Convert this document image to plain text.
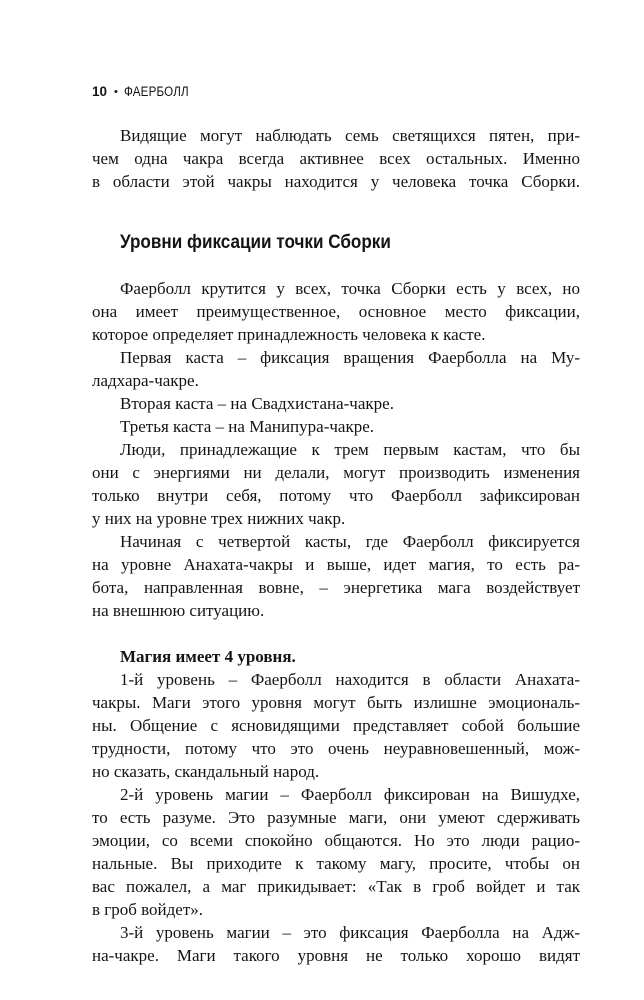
10 • ФАЕРБОЛЛ
Видящие могут наблюдать семь светящихся пятен, при-
чем одна чакра всегда активнее всех остальных. Именно
в области этой чакры находится у человека точка Сборки.
Уровни фиксации точки Сборки
Фаерболл крутится у всех, точка Сборки есть у всех, но
она имеет преимущественное, основное место фиксации,
которое определяет принадлежность человека к касте.
Первая каста – фиксация вращения Фаерболла на Му-
ладхара-чакре.
Вторая каста – на Свадхистана-чакре.
Третья каста – на Манипура-чакре.
Люди, принадлежащие к трем первым кастам, что бы
они с энергиями ни делали, могут производить изменения
только внутри себя, потому что Фаерболл зафиксирован
у них на уровне трех нижних чакр.
Начиная с четвертой касты, где Фаерболл фиксируется
на уровне Анахата-чакры и выше, идет магия, то есть ра-
бота, направленная вовне, – энергетика мага воздействует
на внешнюю ситуацию.
Магия имеет 4 уровня.
1-й уровень – Фаерболл находится в области Анахата-
чакры. Маги этого уровня могут быть излишне эмоциональ-
ны. Общение с ясновидящими представляет собой большие
трудности, потому что это очень неуравновешенный, мож-
но сказать, скандальный народ.
2-й уровень магии – Фаерболл фиксирован на Вишудхе,
то есть разуме. Это разумные маги, они умеют сдерживать
эмоции, со всеми спокойно общаются. Но это люди рацио-
нальные. Вы приходите к такому магу, просите, чтобы он
вас пожалел, а маг прикидывает: «Так в гроб войдет и так
в гроб войдет».
3-й уровень магии – это фиксация Фаерболла на Адж-
на-чакре. Маги такого уровня не только хорошо видят
